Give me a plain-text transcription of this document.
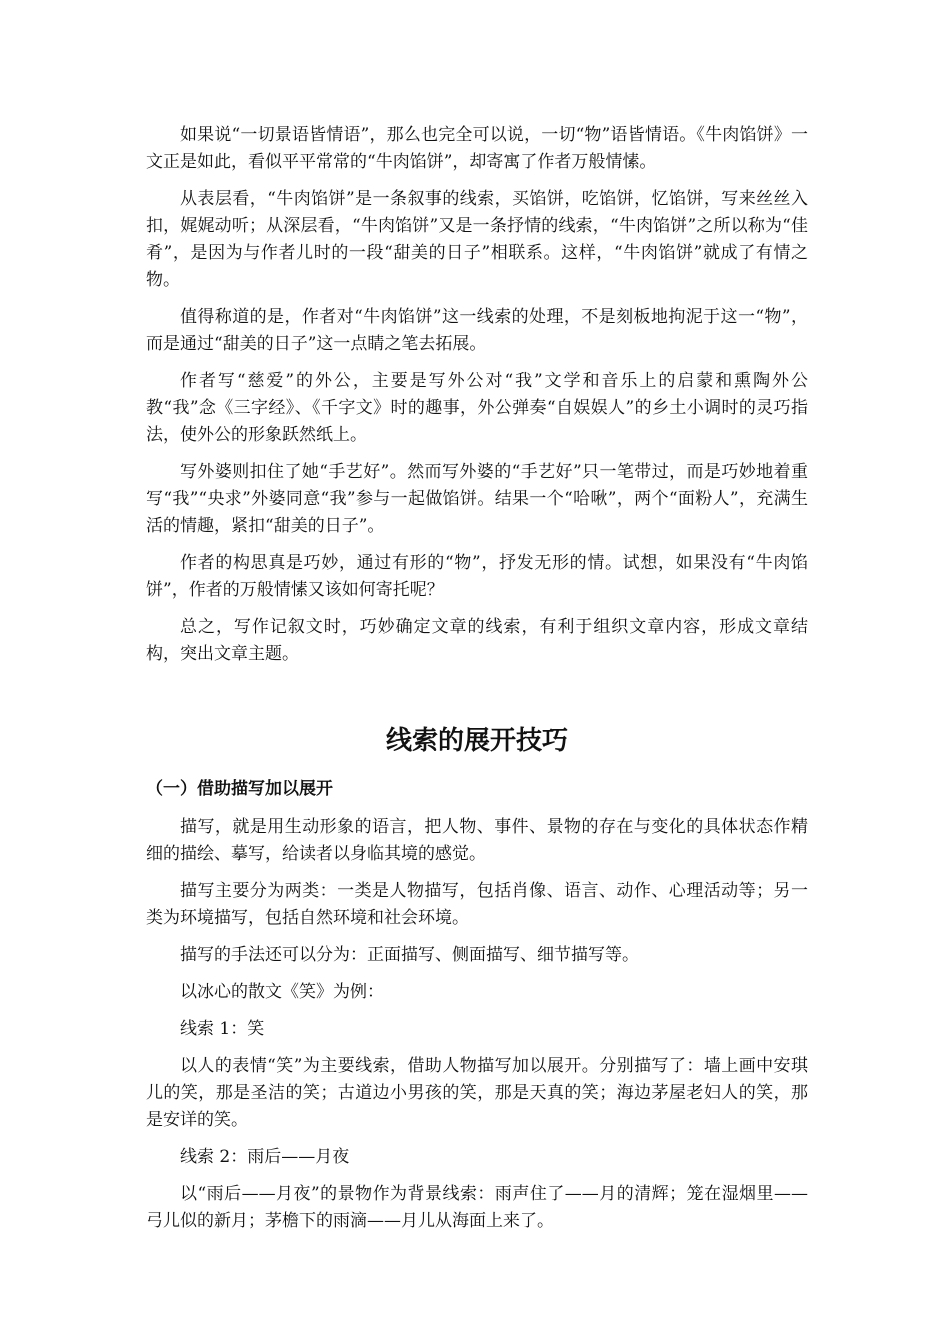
如果说“一切景语皆情语”，那么也完全可以说，一切“物”语皆情语。《牛肉馅饼》一文正是如此，看似平平常常的“牛肉馅饼”，却寄寓了作者万般情愫。

从表层看，“牛肉馅饼”是一条叙事的线索，买馅饼，吃馅饼，忆馅饼，写来丝丝入扣，娓娓动听；从深层看，“牛肉馅饼”又是一条抒情的线索，“牛肉馅饼”之所以称为“佳肴”，是因为与作者儿时的一段“甜美的日子”相联系。这样，“牛肉馅饼”就成了有情之物。

值得称道的是，作者对“牛肉馅饼”这一线索的处理，不是刻板地拘泥于这一“物”，而是通过“甜美的日子”这一点睛之笔去拓展。

作者写“慈爱”的外公，主要是写外公对“我”文学和音乐上的启蒙和熏陶外公教“我”念《三字经》、《千字文》时的趣事，外公弹奏“自娱娱人”的乡土小调时的灵巧指法，使外公的形象跃然纸上。

写外婆则扣住了她“手艺好”。然而写外婆的“手艺好”只一笔带过，而是巧妙地着重写“我”“央求”外婆同意“我”参与一起做馅饼。结果一个“哈啾”，两个“面粉人”，充满生活的情趣，紧扣“甜美的日子”。

作者的构思真是巧妙，通过有形的“物”，抒发无形的情。试想，如果没有“牛肉馅饼”，作者的万般情愫又该如何寄托呢？

总之，写作记叙文时，巧妙确定文章的线索，有利于组织文章内容，形成文章结构，突出文章主题。

线索的展开技巧
（一）借助描写加以展开

描写，就是用生动形象的语言，把人物、事件、景物的存在与变化的具体状态作精细的描绘、摹写，给读者以身临其境的感觉。

描写主要分为两类：一类是人物描写，包括肖像、语言、动作、心理活动等；另一类为环境描写，包括自然环境和社会环境。

描写的手法还可以分为：正面描写、侧面描写、细节描写等。

以冰心的散文《笑》为例：

线索 1：笑

以人的表情“笑”为主要线索，借助人物描写加以展开。分别描写了：墙上画中安琪儿的笑，那是圣洁的笑；古道边小男孩的笑，那是天真的笑；海边茅屋老妇人的笑，那是安详的笑。

线索 2：雨后——月夜

以“雨后——月夜”的景物作为背景线索：雨声住了——月的清辉；笼在湿烟里——弓儿似的新月；茅檐下的雨滴——月儿从海面上来了。
